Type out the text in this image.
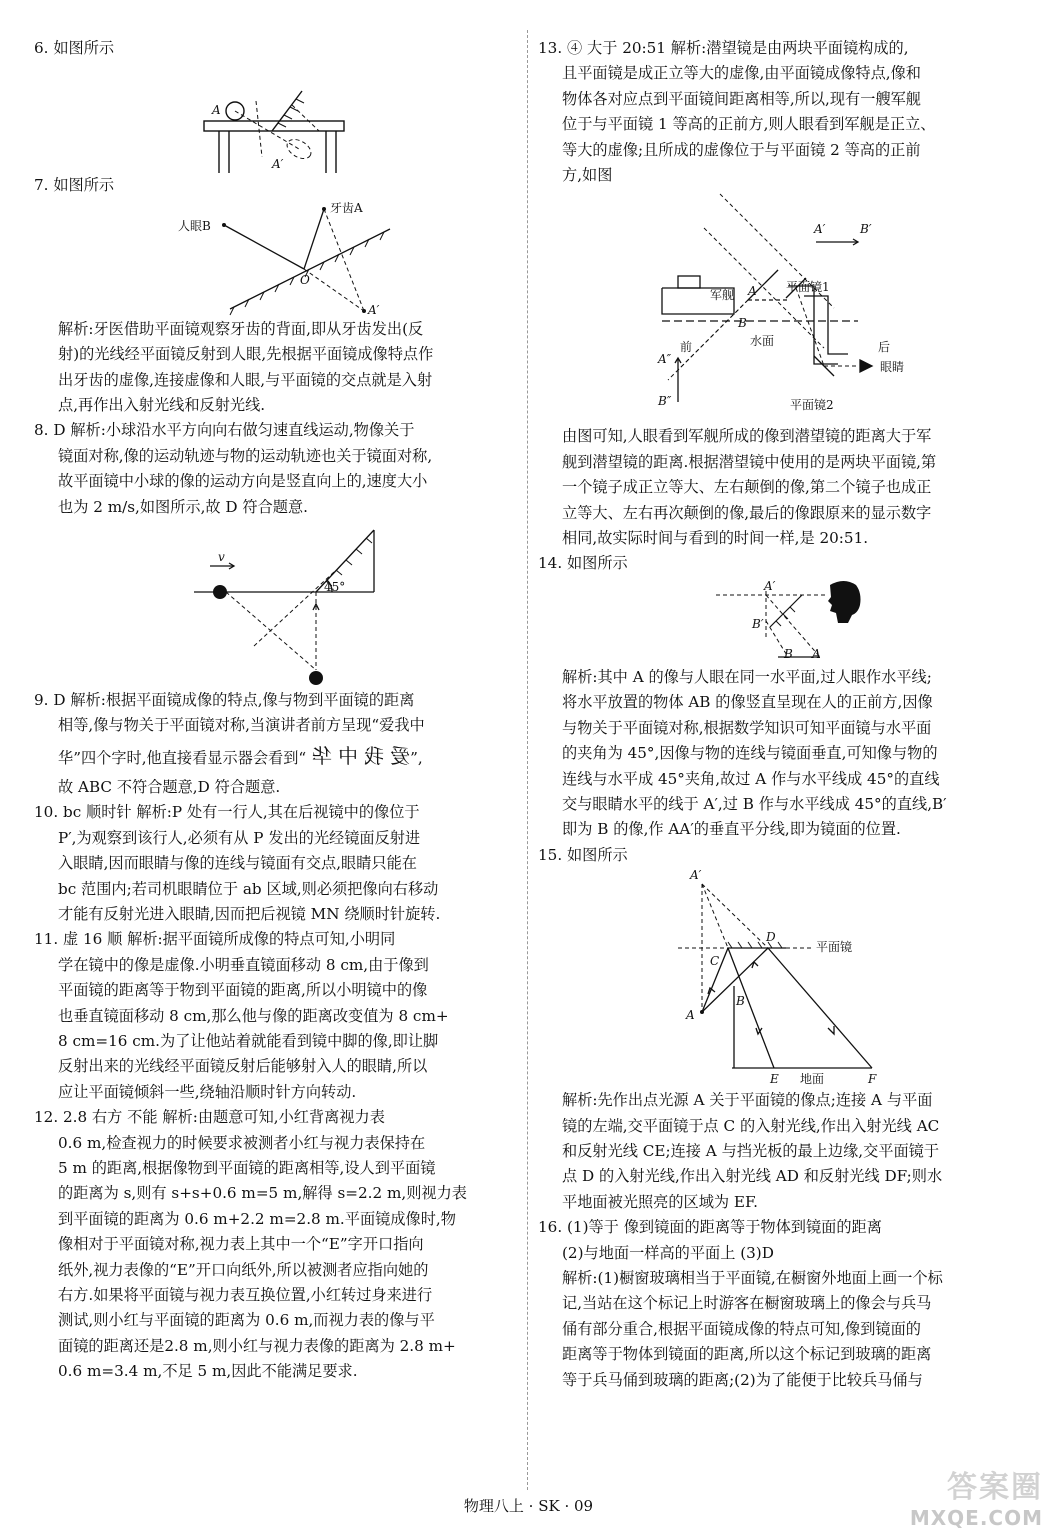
6. 如图所示
A
A′
7. 如图所示
人眼B
牙齿A
O
A′
解析:牙医借助平面镜观察牙齿的背面,即从牙齿发出(反
射)的光线经平面镜反射到人眼,先根据平面镜成像特点作
出牙齿的虚像,连接虚像和人眼,与平面镜的交点就是入射
点,再作出入射光线和反射光线.
8. D 解析:小球沿水平方向向右做匀速直线运动,物像关于
镜面对称,像的运动轨迹与物的运动轨迹也关于镜面对称,
故平面镜中小球的像的运动方向是竖直向上的,速度大小
也为 2 m/s,如图所示,故 D 符合题意.
v
45°
9. D 解析:根据平面镜成像的特点,像与物到平面镜的距离
相等,像与物关于平面镜对称,当演讲者前方呈现“爱我中
华”四个字时,他直接看显示器会看到“爱我中华”,
故 ABC 不符合题意,D 符合题意.
10. bc 顺时针 解析:P 处有一行人,其在后视镜中的像位于
P′,为观察到该行人,必须有从 P 发出的光经镜面反射进
入眼睛,因而眼睛与像的连线与镜面有交点,眼睛只能在
bc 范围内;若司机眼睛位于 ab 区域,则必须把像向右移动
才能有反射光进入眼睛,因而把后视镜 MN 绕顺时针旋转.
11. 虚 16 顺 解析:据平面镜所成像的特点可知,小明同
学在镜中的像是虚像.小明垂直镜面移动 8 cm,由于像到
平面镜的距离等于物到平面镜的距离,所以小明镜中的像
也垂直镜面移动 8 cm,那么他与像的距离改变值为 8 cm+
8 cm=16 cm.为了让他站着就能看到镜中脚的像,即让脚
反射出来的光线经平面镜反射后能够射入人的眼睛,所以
应让平面镜倾斜一些,绕轴沿顺时针方向转动.
12. 2.8 右方 不能 解析:由题意可知,小红背离视力表
0.6 m,检查视力的时候要求被测者小红与视力表保持在
5 m 的距离,根据像物到平面镜的距离相等,设人到平面镜
的距离为 s,则有 s+s+0.6 m=5 m,解得 s=2.2 m,则视力表
到平面镜的距离为 0.6 m+2.2 m=2.8 m.平面镜成像时,物
像相对于平面镜对称,视力表上其中一个“E”字开口指向
纸外,视力表像的“E”开口向纸外,所以被测者应指向她的
右方.如果将平面镜与视力表互换位置,小红转过身来进行
测试,则小红与平面镜的距离为 0.6 m,而视力表的像与平
面镜的距离还是2.8 m,则小红与视力表像的距离为 2.8 m+
0.6 m=3.4 m,不足 5 m,因此不能满足要求.
13. ④ 大于 20:51 解析:潜望镜是由两块平面镜构成的,
且平面镜是成正立等大的虚像,由平面镜成像特点,像和
物体各对应点到平面镜间距离相等,所以,现有一艘军舰
位于与平面镜 1 等高的正前方,则人眼看到军舰是正立、
等大的虚像;且所成的虚像位于与平面镜 2 等高的正前
方,如图
A′	B′
A
B
军舰
平面镜1
水面
前	后
眼睛
A″
B″	平面镜2
由图可知,人眼看到军舰所成的像到潜望镜的距离大于军
舰到潜望镜的距离.根据潜望镜中使用的是两块平面镜,第
一个镜子成正立等大、左右颠倒的像,第二个镜子也成正
立等大、左右再次颠倒的像,最后的像跟原来的显示数字
相同,故实际时间与看到的时间一样,是 20:51.
14. 如图所示
A′
B′
B A
解析:其中 A 的像与人眼在同一水平面,过人眼作水平线;
将水平放置的物体 AB 的像竖直呈现在人的正前方,因像
与物关于平面镜对称,根据数学知识可知平面镜与水平面
的夹角为 45°,因像与物的连线与镜面垂直,可知像与物的
连线与水平成 45°夹角,故过 A 作与水平线成 45°的直线
交与眼睛水平的线于 A′,过 B 作与水平线成 45°的直线,B′
即为 B 的像,作 AA′的垂直平分线,即为镜面的位置.
15. 如图所示
A′
D
平面镜
C
B
A
E 地面	F
解析:先作出点光源 A 关于平面镜的像点;连接 A 与平面
镜的左端,交平面镜于点 C 的入射光线,作出入射光线 AC
和反射光线 CE;连接 A 与挡光板的最上边缘,交平面镜于
点 D 的入射光线,作出入射光线 AD 和反射光线 DF;则水
平地面被光照亮的区域为 EF.
16. (1)等于 像到镜面的距离等于物体到镜面的距离
(2)与地面一样高的平面上 (3)D
解析:(1)橱窗玻璃相当于平面镜,在橱窗外地面上画一个标
记,当站在这个标记上时游客在橱窗玻璃上的像会与兵马
俑有部分重合,根据平面镜成像的特点可知,像到镜面的
距离等于物体到镜面的距离,所以这个标记到玻璃的距离
等于兵马俑到玻璃的距离;(2)为了能便于比较兵马俑与
物理八上 · SK · 09
答案圈
MXQE.COM
